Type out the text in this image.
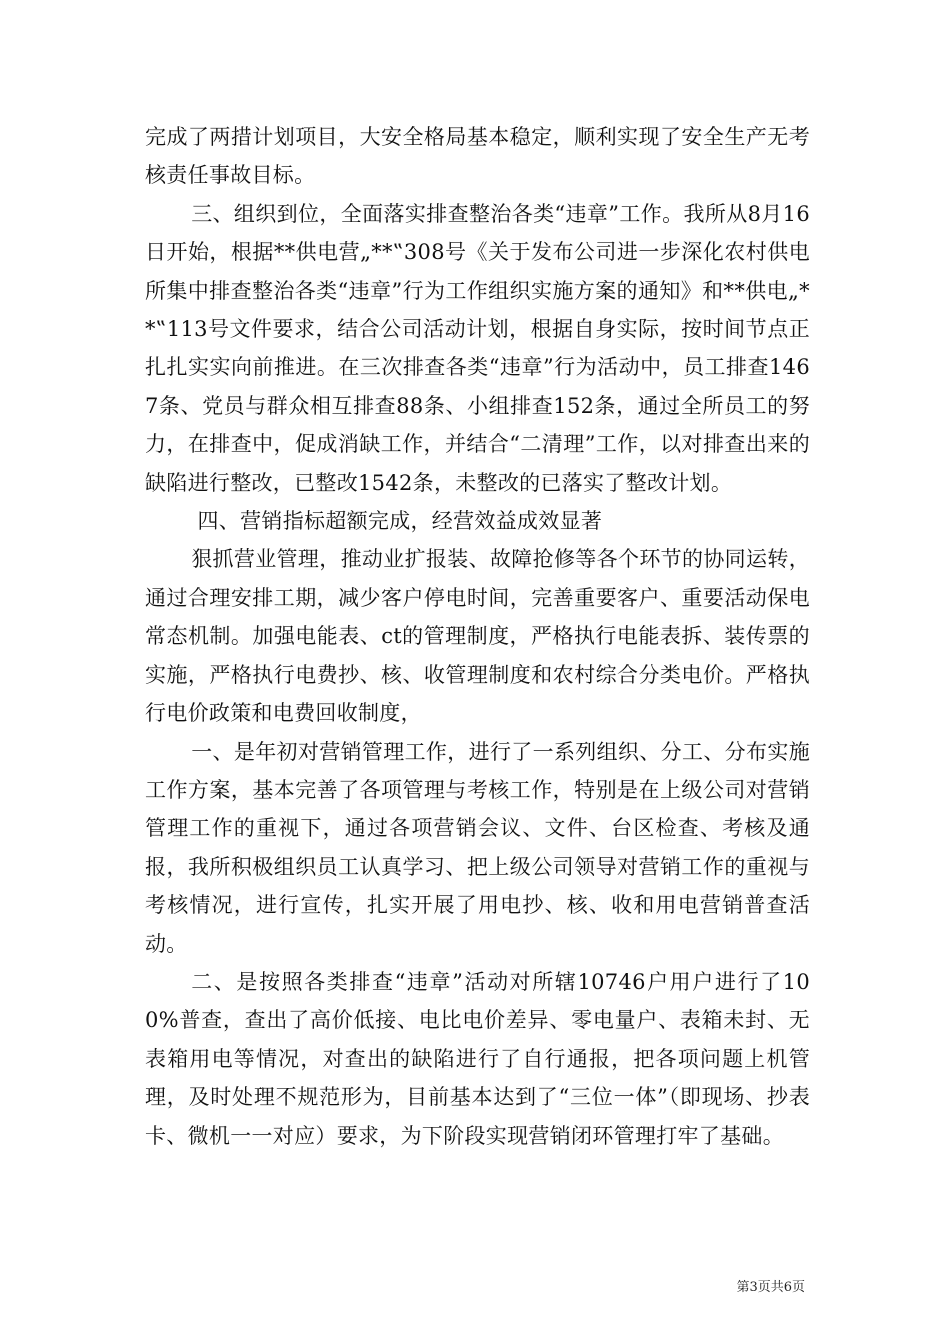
完成了两措计划项目，大安全格局基本稳定，顺利实现了安全生产无考核责任事故目标。

三、组织到位，全面落实排查整治各类“违章”工作。我所从8月16日开始，根据**供电营„**‟308号《关于发布公司进一步深化农村供电所集中排查整治各类“违章”行为工作组织实施方案的通知》和**供电„**‟113号文件要求，结合公司活动计划，根据自身实际，按时间节点正扎扎实实向前推进。在三次排查各类“违章”行为活动中，员工排查1467条、党员与群众相互排查88条、小组排查152条，通过全所员工的努力，在排查中，促成消缺工作，并结合“二清理”工作，以对排查出来的缺陷进行整改，已整改1542条，未整改的已落实了整改计划。

四、营销指标超额完成，经营效益成效显著

狠抓营业管理，推动业扩报装、故障抢修等各个环节的协同运转，通过合理安排工期，减少客户停电时间，完善重要客户、重要活动保电常态机制。加强电能表、ct的管理制度，严格执行电能表拆、装传票的实施，严格执行电费抄、核、收管理制度和农村综合分类电价。严格执行电价政策和电费回收制度，

一、是年初对营销管理工作，进行了一系列组织、分工、分布实施工作方案，基本完善了各项管理与考核工作，特别是在上级公司对营销管理工作的重视下，通过各项营销会议、文件、台区检查、考核及通报，我所积极组织员工认真学习、把上级公司领导对营销工作的重视与考核情况，进行宣传，扎实开展了用电抄、核、收和用电营销普查活动。

二、是按照各类排查“违章”活动对所辖10746户用户进行了100%普查，查出了高价低接、电比电价差异、零电量户、表箱未封、无表箱用电等情况，对查出的缺陷进行了自行通报，把各项问题上机管理，及时处理不规范形为，目前基本达到了“三位一体”（即现场、抄表卡、微机一一对应）要求，为下阶段实现营销闭环管理打牢了基础。

第3页共6页
